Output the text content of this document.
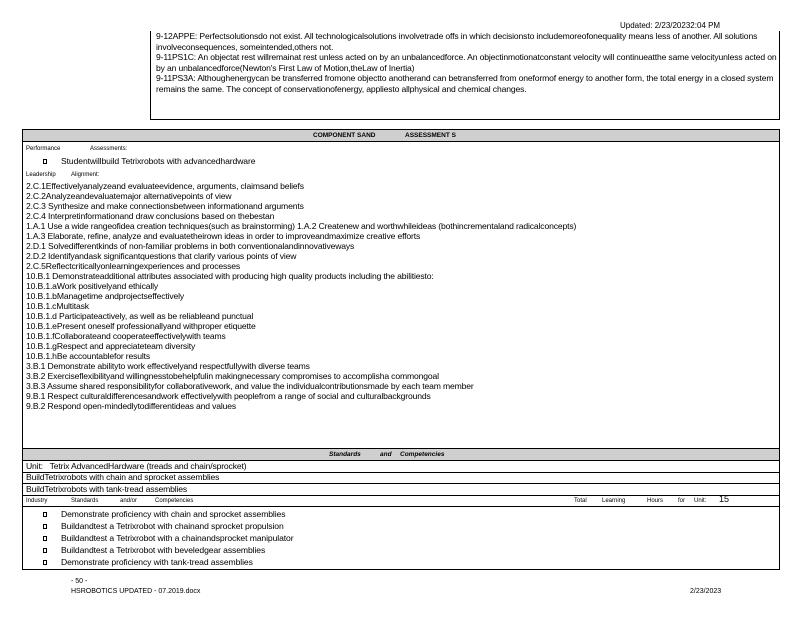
Updated: 2/23/20232:04 PM

9-12APPE: Perfectsolutionsdo not exist. All technologicalsolutions involvetrade offs in which decisionsto includemoreofonequality means less of another. All solutions involveconsequences, someintended,others not.

9-11PS1C: An objectat rest willremainat rest unless acted on by an unbalancedforce. An objectinmotionatconstant velocity will continueatthe same velocityunless acted on by an unbalancedforce(Newton's First Law of Motion,theLaw of Inertia)

9-11PS3A: Althoughenergycan be transferred fromone objectto anotherand can betransferred from oneformof energy to another form, the total energy in a closed system remains the same. The concept of conservationofenergy, appliesto allphysical and chemical changes.

COMPONENT SAND	ASSESSMENT S
Performance	Assessments:
Studentwillbuild Tetrixrobots with advancedhardware
Leadership	Alignment:
2.C.1Effectivelyanalyzeand evaluateevidence, arguments, claimsand beliefs
2.C.2Analyzeandevaluatemajor alternativepoints of view
2.C.3 Synthesize and make connectionsbetween informationand arguments
2.C.4 Interpretinformationand draw conclusions based on thebestan
1.A.1 Use a wide rangeofidea creation techniques(such as brainstorming) 1.A.2 Createnew and worthwhileideas (bothincrementaland radicalconcepts)
1.A.3 Elaborate, refine, analyze and evaluatetheirown ideas in order to improveandmaximize creative efforts
2.D.1 Solvedifferentkinds of non-familiar problems in both conventionalandinnovativeways
2.D.2 Identifyandask significantquestions that clarify various points of view
2.C.5Reflectcriticallyonlearningexperiences and processes
10.B.1 Demonstrateadditional attributes associated with producing high quality products including the abilitiesto:
10.B.1.aWork positivelyand ethically
10.B.1.bManagetime andprojectseffectively
10.B.1.cMultitask
10.B.1.d Participateactively, as well as be reliableand punctual
10.B.1.ePresent oneself professionallyand withproper etiquette
10.B.1.fCollaborateand cooperateeffectivelywith teams
10.B.1.gRespect and appreciateteam diversity
10.B.1.hBe accountablefor results
3.B.1 Demonstrate abilityto work effectivelyand respectfullywith diverse teams
3.B.2 Exerciseflexibilityand willingnesstobehelpfulin makingnecessary compromises to accomplisha commongoal
3.B.3 Assume shared responsibilityfor collaborativework, and value the individualcontributionsmade by each team member
9.B.1 Respect culturaldifferencesandwork effectivelywith peoplefrom a range of social and culturalbackgrounds
9.B.2 Respond open-mindedlytodifferentideas and values
Standards	and Competencies
Unit: Tetrix AdvancedHardware (treads and chain/sprocket)
BuildTetrixrobots with chain and sprocket assemblies
BuildTetrixrobots with tank-tread assemblies
Industry	Standards	and/or	Competencies	Total	Learning	Hours for Unit: 15
Demonstrate proficiency with chain and sprocket assemblies
Buildandtest a Tetrixrobot with chainand sprocket propulsion
Buildandtest a Tetrixrobot with a chainandsprocket manipulator
Buildandtest a Tetrixrobot with beveledgear assemblies
Demonstrate proficiency with tank-tread assemblies
- 50 -
HSROBOTICS UPDATED - 07.2019.docx	2/23/2023
